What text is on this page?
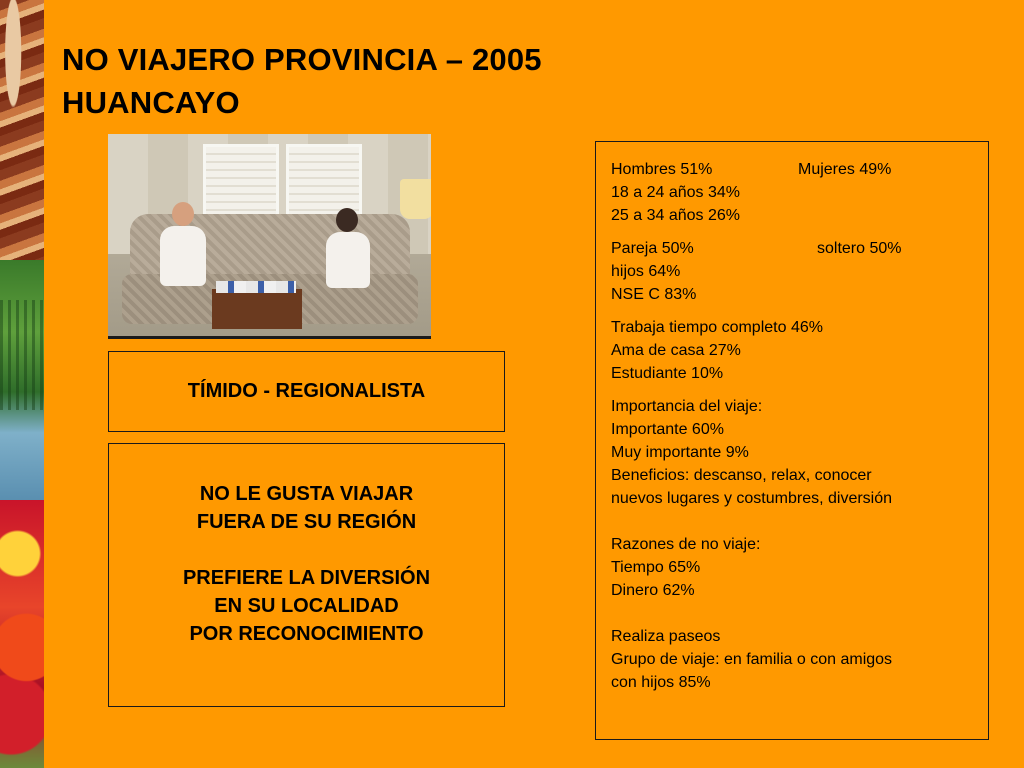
NO VIAJERO PROVINCIA – 2005
HUANCAYO
TÍMIDO - REGIONALISTA
NO LE GUSTA VIAJAR
FUERA DE SU REGIÓN
PREFIERE LA DIVERSIÓN
EN SU LOCALIDAD
POR RECONOCIMIENTO
Hombres 51%	Mujeres 49%
18 a 24 años 34%
25 a 34 años 26%
Pareja 50%	soltero 50%
hijos 64%
NSE C 83%
Trabaja tiempo completo 46%
Ama de casa 27%
Estudiante 10%
Importancia del viaje:
Importante 60%
Muy importante 9%
Beneficios: descanso, relax, conocer
nuevos lugares y costumbres, diversión
Razones de no viaje:
Tiempo 65%
Dinero 62%
Realiza paseos
Grupo de viaje: en familia o con amigos
con hijos 85%
